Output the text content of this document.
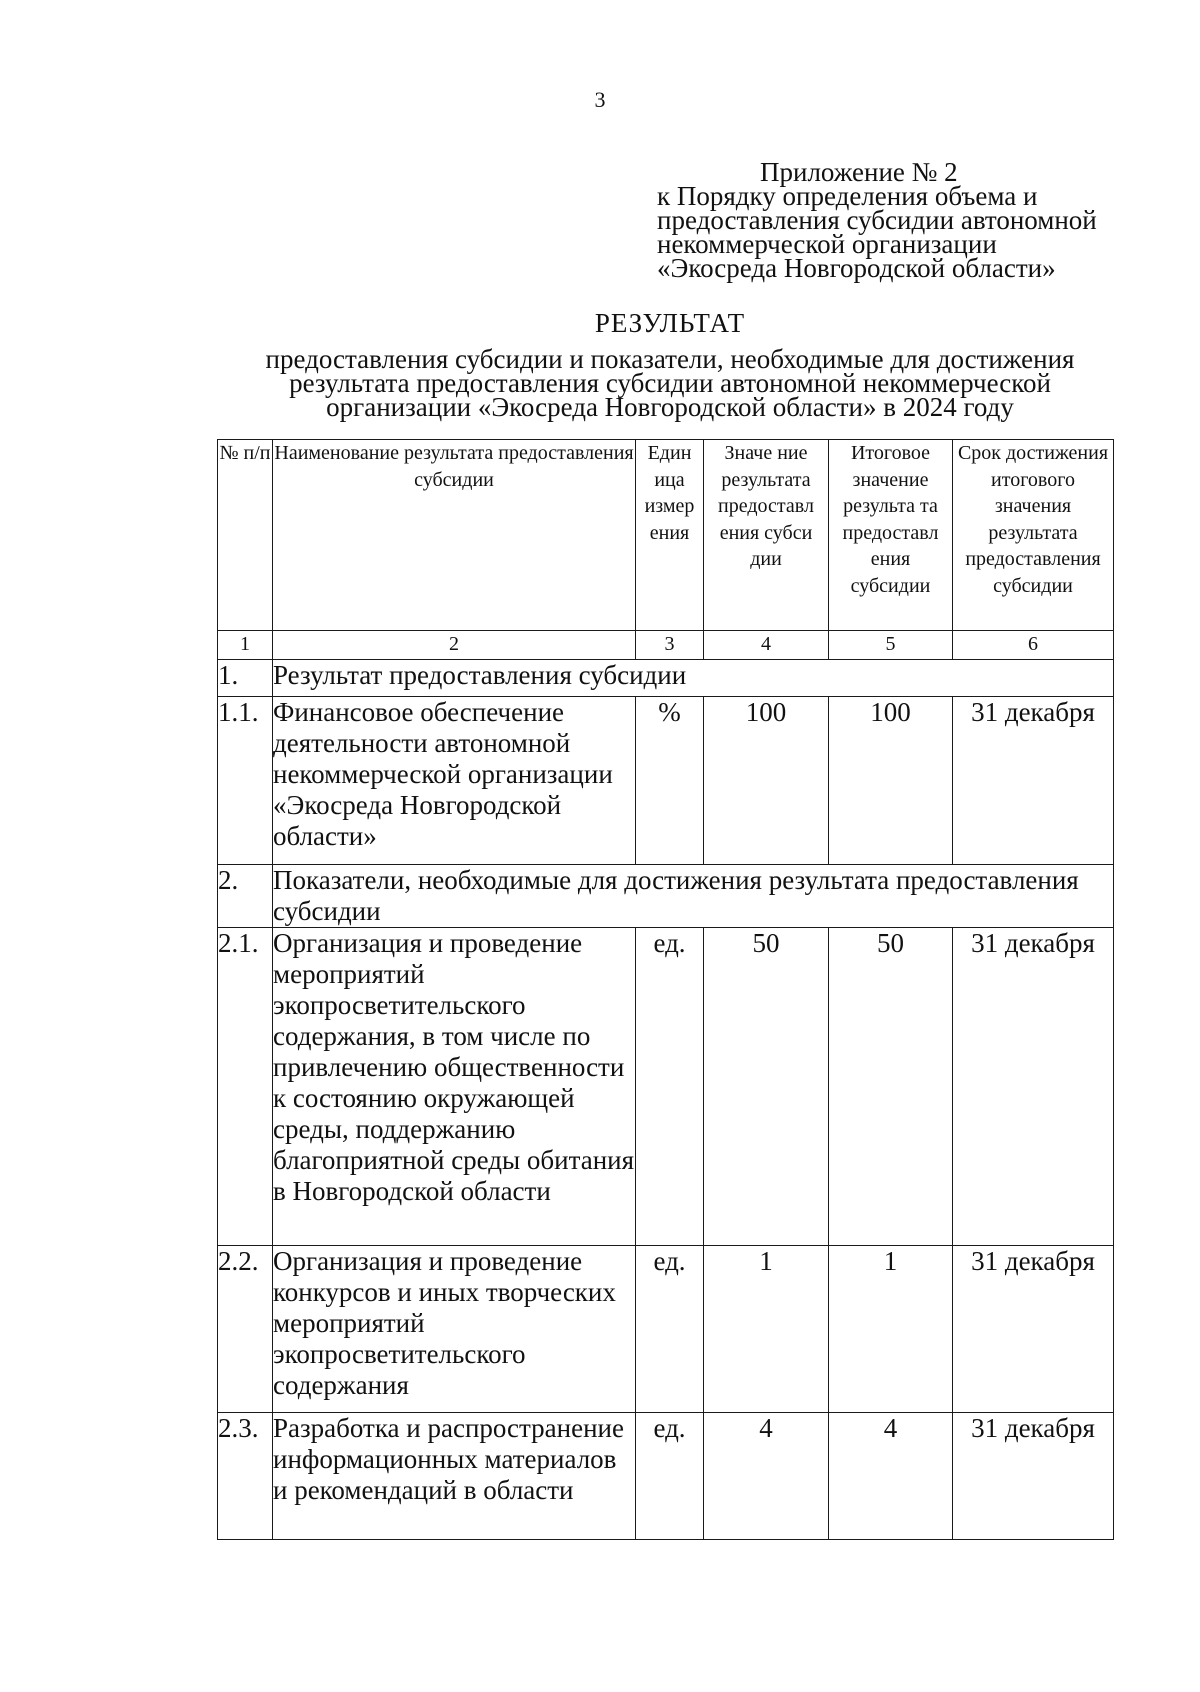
3
Приложение № 2
к Порядку определения объема и
предоставления субсидии автономной
некоммерческой организации
«Экосреда Новгородской области»
РЕЗУЛЬТАТ
предоставления субсидии и показатели, необходимые для достижения
результата предоставления субсидии автономной некоммерческой
организации «Экосреда Новгородской области» в 2024 году
№ п/п	Наименование результата предоставления субсидии	Един ица измер ения	Значе ние результата предоставл ения субси дии	Итоговое значение результа та предоставл ения субсидии	Срок достижения итогового значения результата предоставления субсидии
1	2	3	4	5	6
1.	Результат предоставления субсидии				
1.1.	Финансовое обеспечение деятельности автономной некоммерческой организации «Экосреда Новгородской области»	%	100	100	31 декабря
2.	Показатели, необходимые для достижения результата предоставления субсидии				
2.1.	Организация и проведение мероприятий экопросветительского содержания, в том числе по привлечению общественности к состоянию окружающей среды, поддержанию благоприятной среды обитания в Новгородской области	ед.	50	50	31 декабря
2.2.	Организация и проведение конкурсов и иных творческих мероприятий экопросветительского содержания	ед.	1	1	31 декабря
2.3.	Разработка и распространение информационных материалов и рекомендаций в области	ед.	4	4	31 декабря
